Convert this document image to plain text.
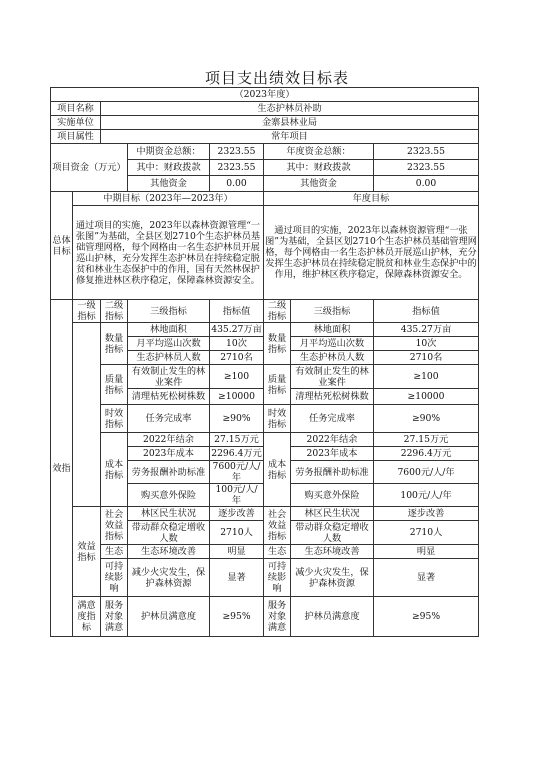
项目支出绩效目标表
（2023年度）							
项目名称		生态护林员补助					
实施单位		金寨县林业局					
项目属性		常年项目					
项目资金（万元）			中期资金总额：	2323.55	年度资金总额：		2323.55
			其中：财政拨款	2323.55	其中：财政拨款		2323.55
			其他资金	0.00	其他资金		0.00
总体目标	中期目标（2023年—2023年）				年度目标		
	通过项目的实施，2023年以森林资源管理“一张图”为基础，全县区划2710个生态护林员基础管理网格，每个网格由一名生态护林员开展巡山护林，充分发挥生态护林员在持续稳定脱贫和林业生态保护中的作用，国有天然林保护修复推进林区秩序稳定，保障森林资源安全。				通过项目的实施，2023年以森林资源管理“一张图”为基础，全县区划2710个生态护林员基础管理网格，每个网格由一名生态护林员开展巡山护林，充分发挥生态护林员在持续稳定脱贫和林业生态保护中的作用，维护林区秩序稳定，保障森林资源安全。		
效指	一级指标	二级指标	三级指标	指标值	二级指标	三级指标	指标值
		数量指标	林地面积	435.27万亩	数量指标	林地面积	435.27万亩
			月平均巡山次数	10次		月平均巡山次数	10次
			生态护林员人数	2710名		生态护林员人数	2710名
		质量指标	有效制止发生的林业案件	≥100	质量指标	有效制止发生的林业案件	≥100
			清理枯死松树株数	≥10000		清理枯死松树株数	≥10000
		时效指标	任务完成率	≥90%	时效指标	任务完成率	≥90%
		成本指标	2022年结余	27.15万元	成本指标	2022年结余	27.15万元
			2023年成本	2296.4万元		2023年成本	2296.4万元
			劳务报酬补助标准	7600元/人/年		劳务报酬补助标准	7600元/人/年
			购买意外保险	100元/人/年		购买意外保险	100元/人/年
	效益指标	社会效益指标	林区民生状况	逐步改善	社会效益指标	林区民生状况	逐步改善
			带动群众稳定增收人数	2710人		带动群众稳定增收人数	2710人
		生态	生态环境改善	明显	生态	生态环境改善	明显
		可持续影响	减少火灾发生，保护森林资源	显著	可持续影响	减少火灾发生，保护森林资源	显著

	满意度指标	服务对象满意	护林员满意度	≥95%	服务对象满意	护林员满意度	≥95%
